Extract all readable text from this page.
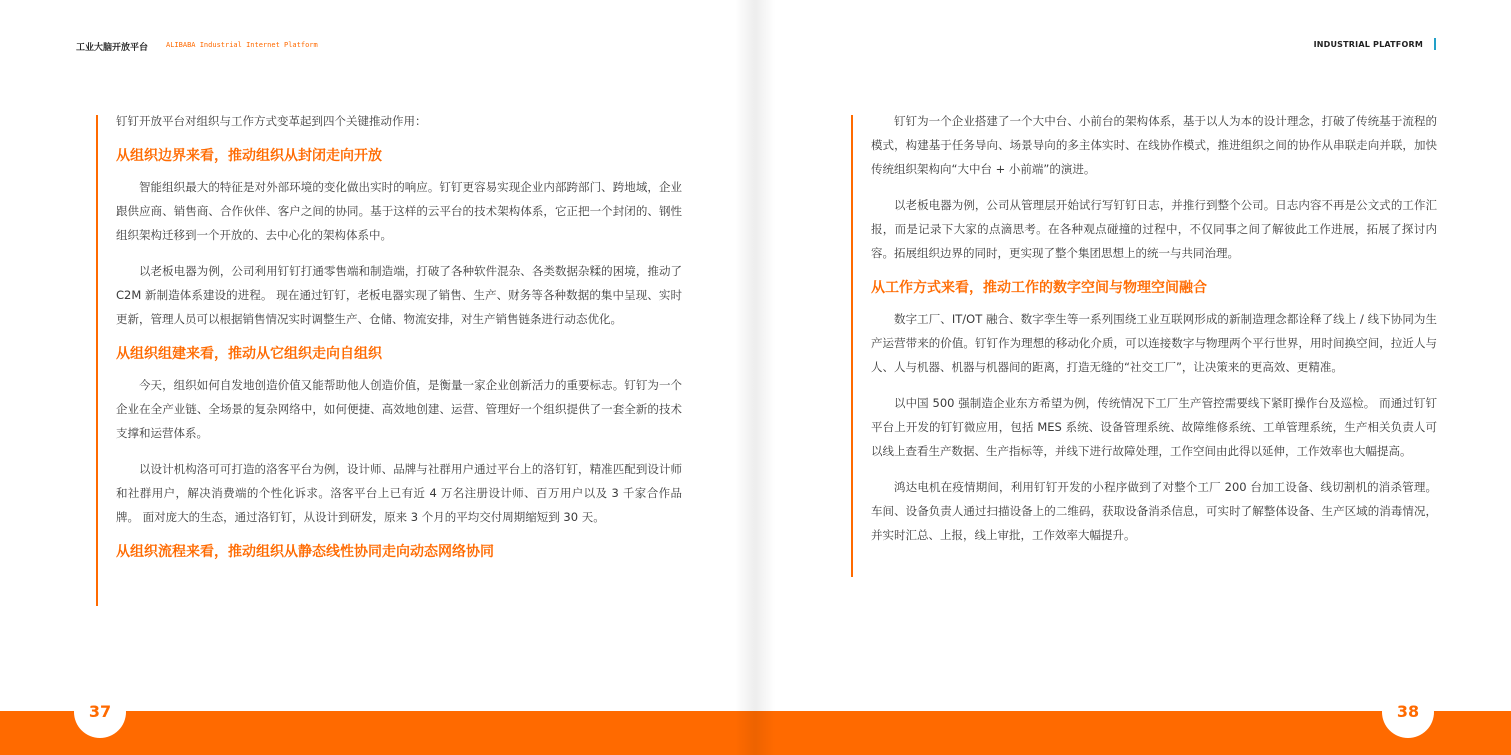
工业大脑开放平台	ALIBABA Industrial Internet Platform

钉钉开放平台对组织与工作方式变革起到四个关键推动作用：

从组织边界来看，推动组织从封闭走向开放

智能组织最大的特征是对外部环境的变化做出实时的响应。钉钉更容易实现企业内部跨部门、跨地域，企业跟供应商、销售商、合作伙伴、客户之间的协同。基于这样的云平台的技术架构体系，它正把一个封闭的、钢性组织架构迁移到一个开放的、去中心化的架构体系中。

以老板电器为例，公司利用钉钉打通零售端和制造端，打破了各种软件混杂、各类数据杂糅的困境，推动了 C2M 新制造体系建设的进程。 现在通过钉钉，老板电器实现了销售、生产、财务等各种数据的集中呈现、实时更新，管理人员可以根据销售情况实时调整生产、仓储、物流安排，对生产销售链条进行动态优化。

从组织组建来看，推动从它组织走向自组织

今天，组织如何自发地创造价值又能帮助他人创造价值，是衡量一家企业创新活力的重要标志。钉钉为一个企业在全产业链、全场景的复杂网络中，如何便捷、高效地创建、运营、管理好一个组织提供了一套全新的技术支撑和运营体系。

以设计机构洛可可打造的洛客平台为例，设计师、品牌与社群用户通过平台上的洛钉钉，精准匹配到设计师和社群用户，解决消费端的个性化诉求。洛客平台上已有近 4 万名注册设计师、百万用户以及 3 千家合作品牌。 面对庞大的生态，通过洛钉钉，从设计到研发，原来 3 个月的平均交付周期缩短到 30 天。

从组织流程来看，推动组织从静态线性协同走向动态网络协同
37
INDUSTRIAL PLATFORM

钉钉为一个企业搭建了一个大中台、小前台的架构体系，基于以人为本的设计理念，打破了传统基于流程的模式，构建基于任务导向、场景导向的多主体实时、在线协作模式，推进组织之间的协作从串联走向并联，加快传统组织架构向“大中台 + 小前端”的演进。

以老板电器为例，公司从管理层开始试行写钉钉日志，并推行到整个公司。日志内容不再是公文式的工作汇报，而是记录下大家的点滴思考。在各种观点碰撞的过程中，不仅同事之间了解彼此工作进展，拓展了探讨内容。拓展组织边界的同时，更实现了整个集团思想上的统一与共同治理。

从工作方式来看，推动工作的数字空间与物理空间融合

数字工厂、IT/OT 融合、数字孪生等一系列围绕工业互联网形成的新制造理念都诠释了线上 / 线下协同为生产运营带来的价值。钉钉作为理想的移动化介质，可以连接数字与物理两个平行世界，用时间换空间，拉近人与人、人与机器、机器与机器间的距离，打造无缝的“社交工厂”，让决策来的更高效、更精准。

以中国 500 强制造企业东方希望为例，传统情况下工厂生产管控需要线下紧盯操作台及巡检。 而通过钉钉平台上开发的钉钉微应用，包括 MES 系统、设备管理系统、故障维修系统、工单管理系统，生产相关负责人可以线上查看生产数据、生产指标等，并线下进行故障处理，工作空间由此得以延伸，工作效率也大幅提高。

鸿达电机在疫情期间，利用钉钉开发的小程序做到了对整个工厂 200 台加工设备、线切割机的消杀管理。车间、设备负责人通过扫描设备上的二维码，获取设备消杀信息，可实时了解整体设备、生产区域的消毒情况，并实时汇总、上报，线上审批，工作效率大幅提升。

38
